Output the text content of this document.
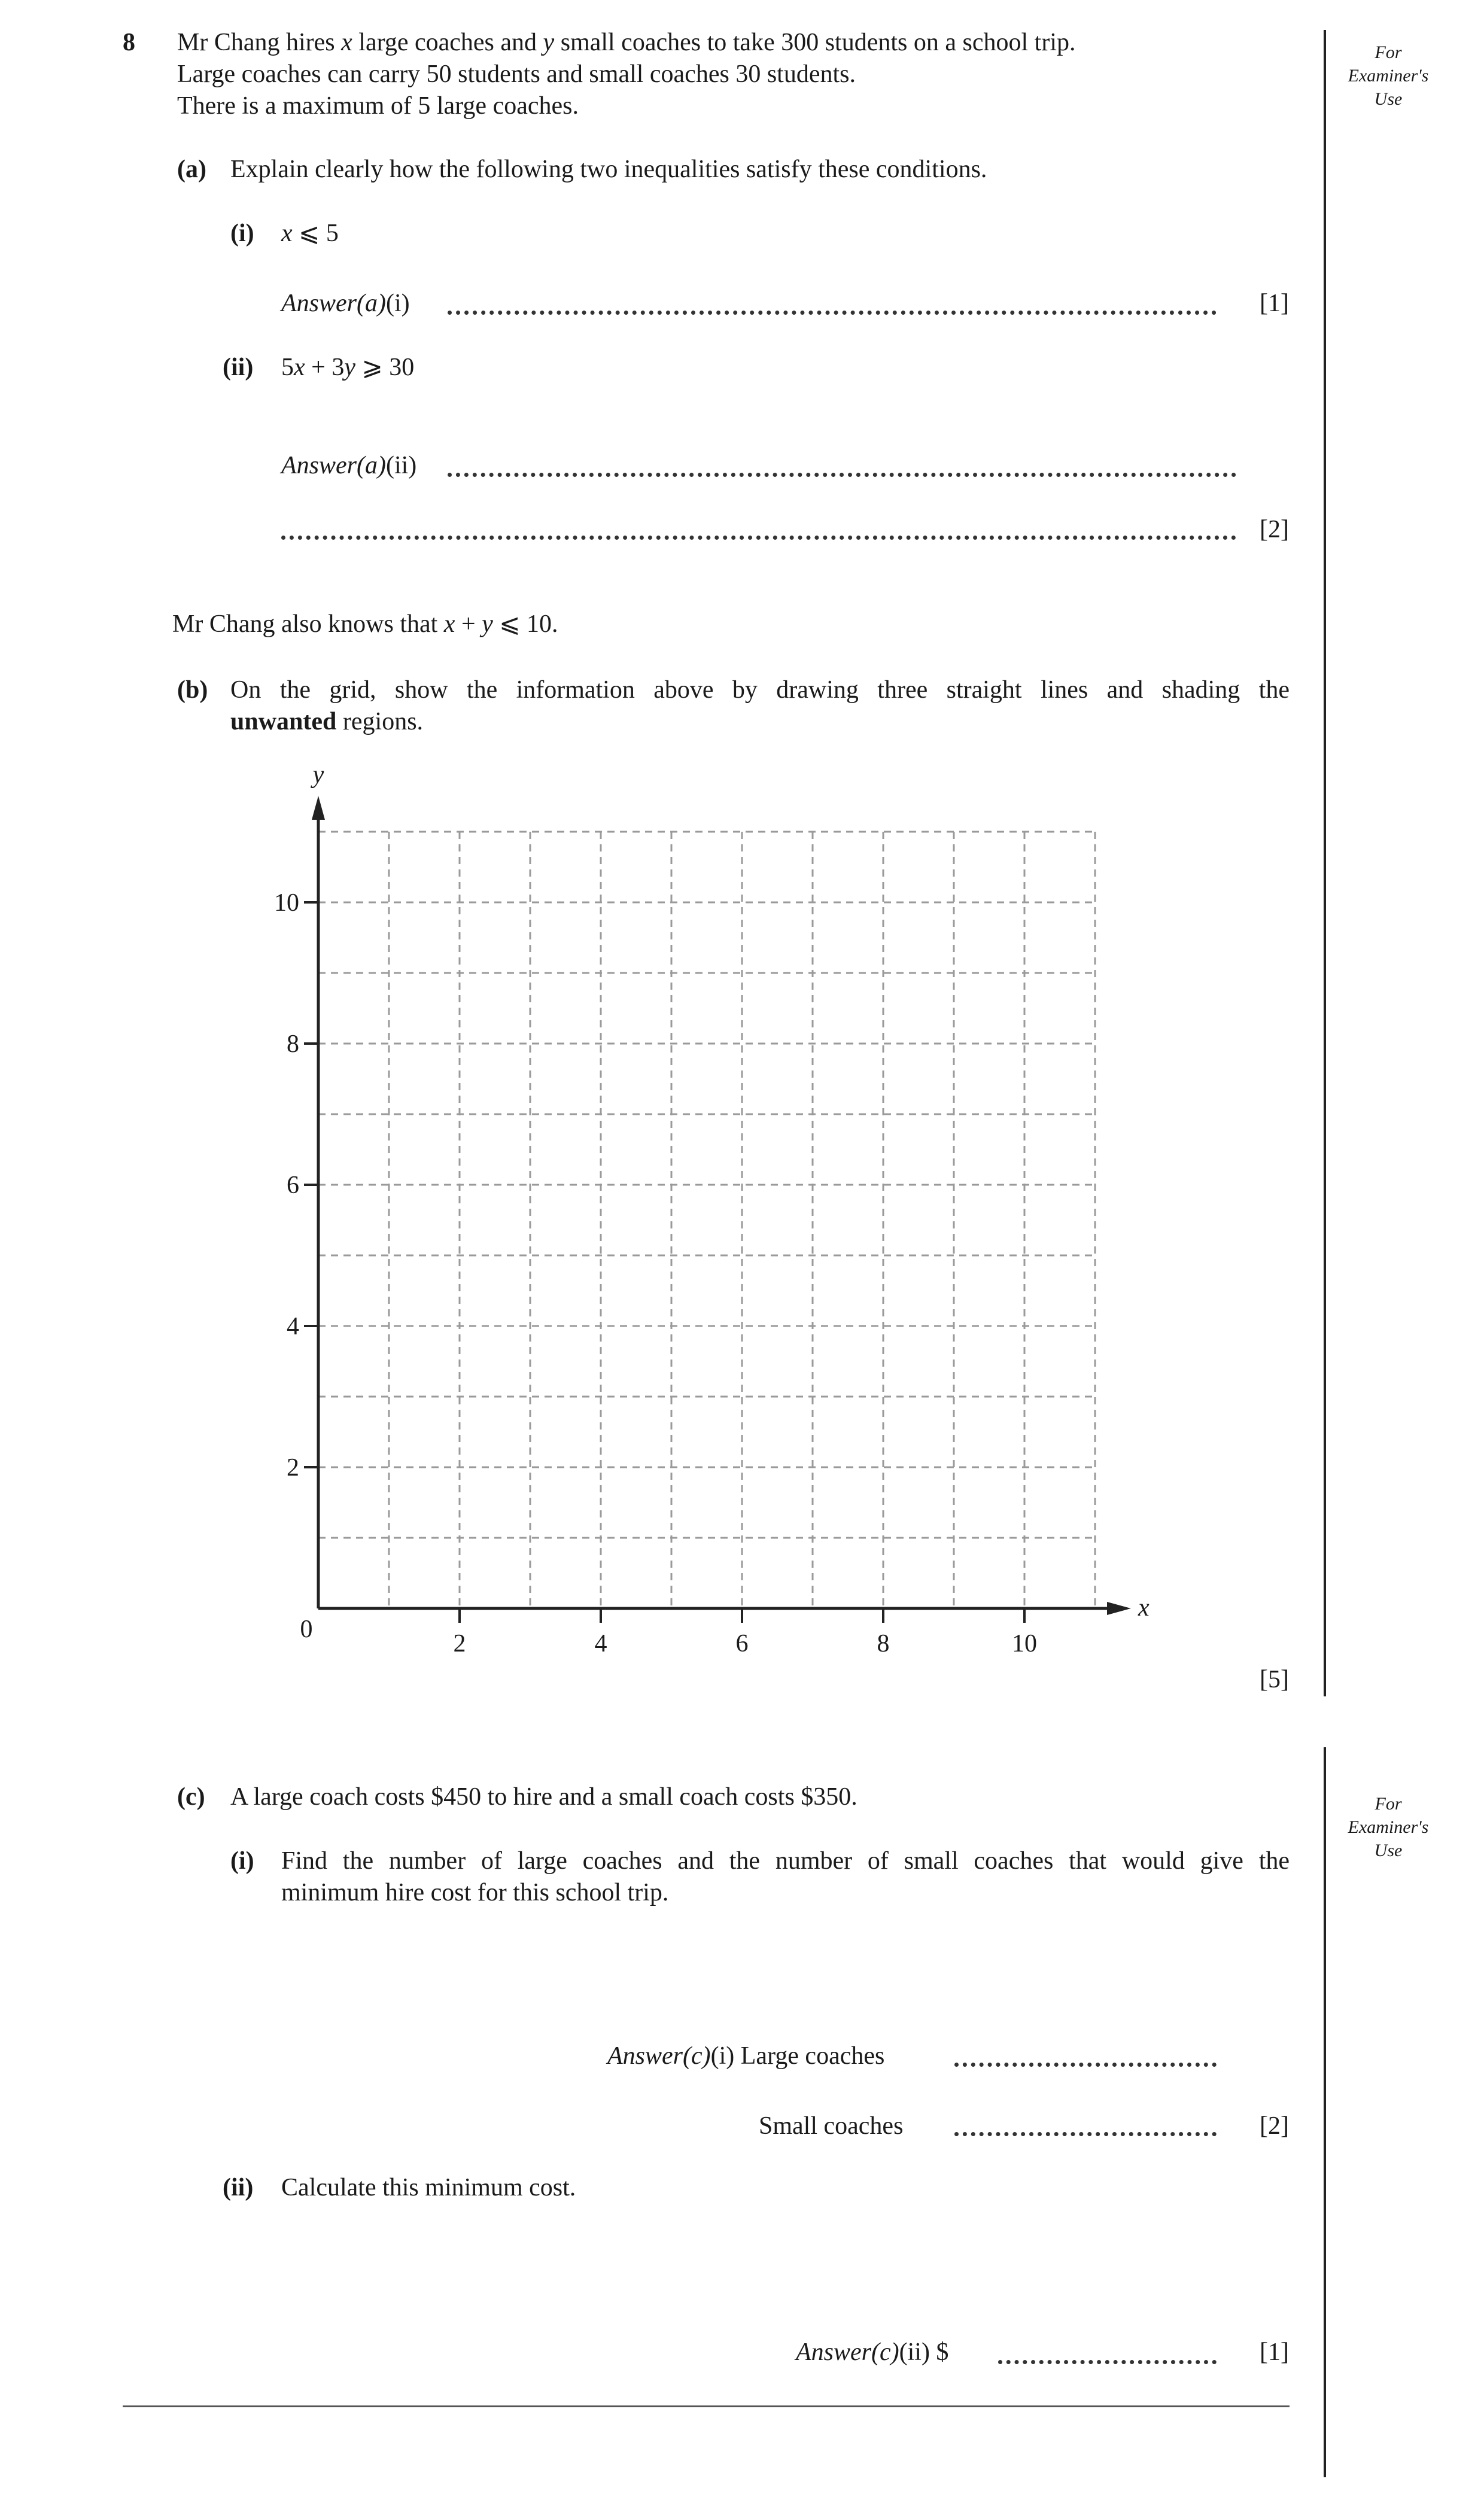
For
Examiner's
Use
For
Examiner's
Use
8 Mr Chang hires x large coaches and y small coaches to take 300 students on a school trip.
Large coaches can carry 50 students and small coaches 30 students.
There is a maximum of 5 large coaches.
(a) Explain clearly how the following two inequalities satisfy these conditions.
(i) x ⩽ 5
Answer(a)(i)	[1]
(ii) 5x + 3y ⩾ 30
Answer(a)(ii)
[2]
Mr Chang also knows that x + y ⩽ 10.
(b) On the grid, show the information above by drawing three straight lines and shading the
unwanted regions.
2	4	6	8	10
2
4
6
8
10
x
y
0
[5]
(c) A large coach costs $450 to hire and a small coach costs $350.
(i) Find the number of large coaches and the number of small coaches that would give the
minimum hire cost for this school trip.
Answer(c)(i) Large coaches
Small coaches	[2]
(ii) Calculate this minimum cost.
Answer(c)(ii) $	[1]
